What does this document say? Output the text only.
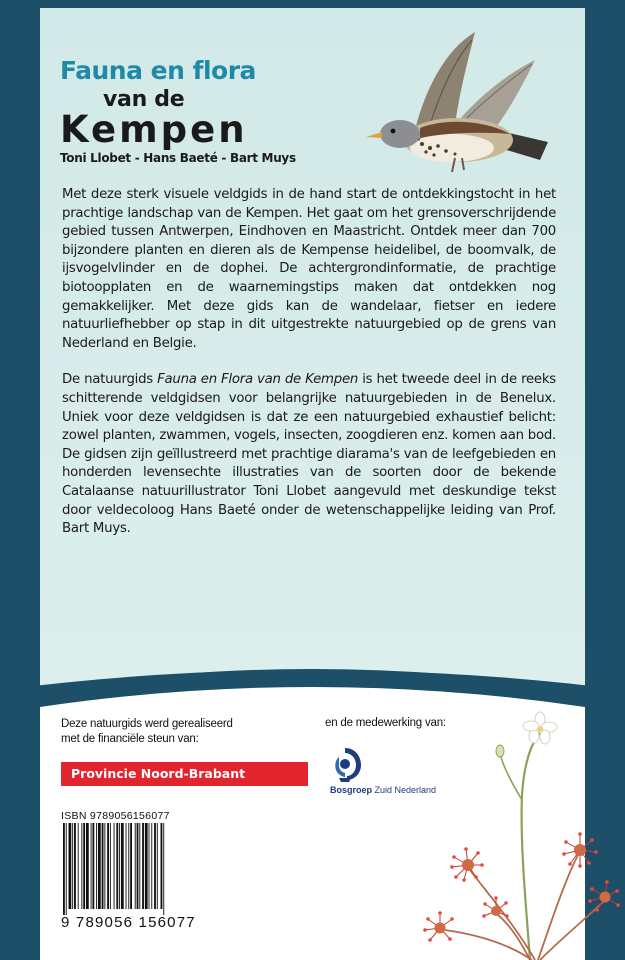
Fauna en flora
van de
Kempen
Toni Llobet - Hans Baeté - Bart Muys

Met deze sterk visuele veldgids in de hand start de ontdekkingstocht in het prachtige landschap van de Kempen. Het gaat om het grensoverschrijdende gebied tussen Antwerpen, Eindhoven en Maastricht. Ontdek meer dan 700 bijzondere planten en dieren als de Kempense heidelibel, de boomvalk, de ijsvogelvlinder en de dophei. De achtergrondinformatie, de prachtige biotoopplaten en de waarnemingstips maken dat ontdekken nog gemakkelijker. Met deze gids kan de wandelaar, fietser en iedere natuurliefhebber op stap in dit uitgestrekte natuurgebied op de grens van Nederland en Belgie.

De natuurgids Fauna en Flora van de Kempen is het tweede deel in de reeks schitterende veldgidsen voor belangrijke natuurgebieden in de Benelux. Uniek voor deze veldgidsen is dat ze een natuurgebied exhaustief belicht: zowel planten, zwammen, vogels, insecten, zoogdieren enz. komen aan bod. De gidsen zijn geïllustreerd met prachtige diarama's van de leefgebieden en honderden levensechte illustraties van de soorten door de bekende Catalaanse natuurillustrator Toni Llobet aangevuld met deskundige tekst door veldecoloog Hans Baeté onder de wetenschappelijke leiding van Prof. Bart Muys.

Deze natuurgids werd gerealiseerd
met de financiële steun van:
en de medewerking van:
Provincie Noord-Brabant
Bosgroep Zuid Nederland
ISBN 9789056156077
9 789056 156077
